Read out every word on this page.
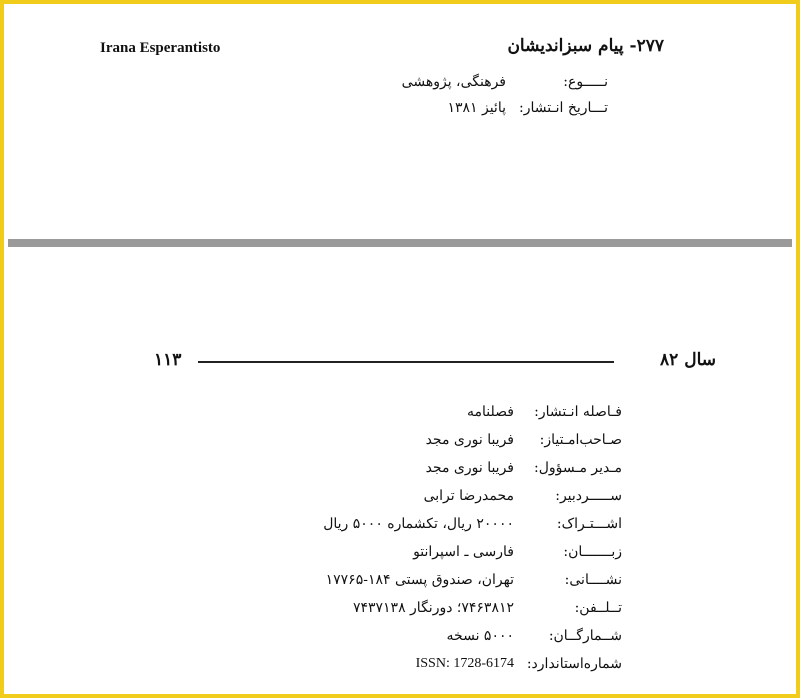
Irana Esperantisto	۲۷۷- پیام سبزاندیشان
نـــــوع:
فرهنگی، پژوهشی
تـــاریخ انـتشار:
پائیز ۱۳۸۱
۱۱۳	سال ۸۲
فـاصله انـتشار:
فصلنامه
صـاحب‌امـتیاز:
فریبا نوری مجد
مـدیر مـسؤول:
فریبا نوری مجد
ســـــردبیر:
محمدرضا ترابی
اشـــتـراک:
۲۰۰۰۰ ریال، تکشماره ۵۰۰۰ ریال
زبـــــــان:
فارسی ـ اسپرانتو
نشــــانی:
تهران، صندوق پستی ۱۸۴-۱۷۷۶۵
تــلــفن:
۷۴۶۳۸۱۲؛ دورنگار ۷۴۳۷۱۳۸
شــمارگــان:
۵۰۰۰ نسخه
شماره‌استاندارد:
ISSN: 1728-6174
